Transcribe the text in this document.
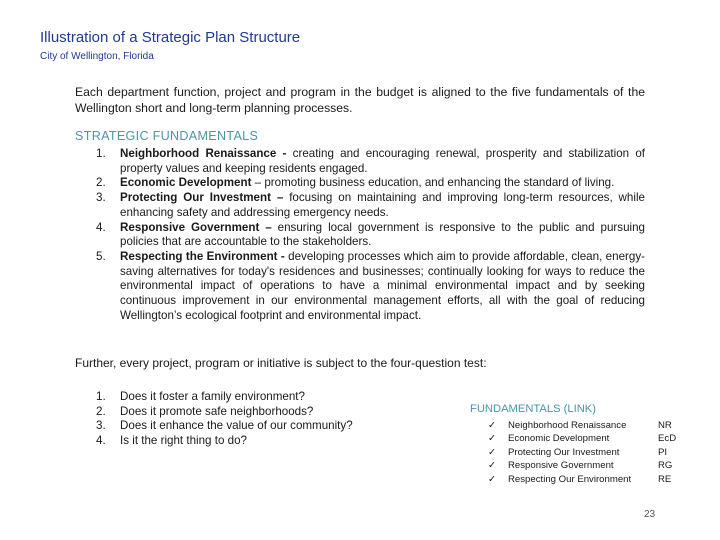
Illustration of a Strategic Plan Structure
City of Wellington, Florida
Each department function, project and program in the budget is aligned to the five fundamentals of the Wellington short and long-term planning processes.
STRATEGIC FUNDAMENTALS
1. Neighborhood Renaissance - creating and encouraging renewal, prosperity and stabilization of property values and keeping residents engaged.
2. Economic Development – promoting business education, and enhancing the standard of living.
3. Protecting Our Investment – focusing on maintaining and improving long-term resources, while enhancing safety and addressing emergency needs.
4. Responsive Government – ensuring local government is responsive to the public and pursuing policies that are accountable to the stakeholders.
5. Respecting the Environment - developing processes which aim to provide affordable, clean, energy-saving alternatives for today's residences and businesses; continually looking for ways to reduce the environmental impact of operations to have a minimal environmental impact and by seeking continuous improvement in our environmental management efforts, all with the goal of reducing Wellington’s ecological footprint and environmental impact.
Further, every project, program or initiative is subject to the four-question test:
1. Does it foster a family environment?
2. Does it promote safe neighborhoods?
3. Does it enhance the value of our community?
4. Is it the right thing to do?
FUNDAMENTALS (LINK)
✓	Neighborhood Renaissance	NR
✓	Economic Development	EcD
✓	Protecting Our Investment	PI
✓	Responsive Government	RG
✓	Respecting Our Environment	RE
23
